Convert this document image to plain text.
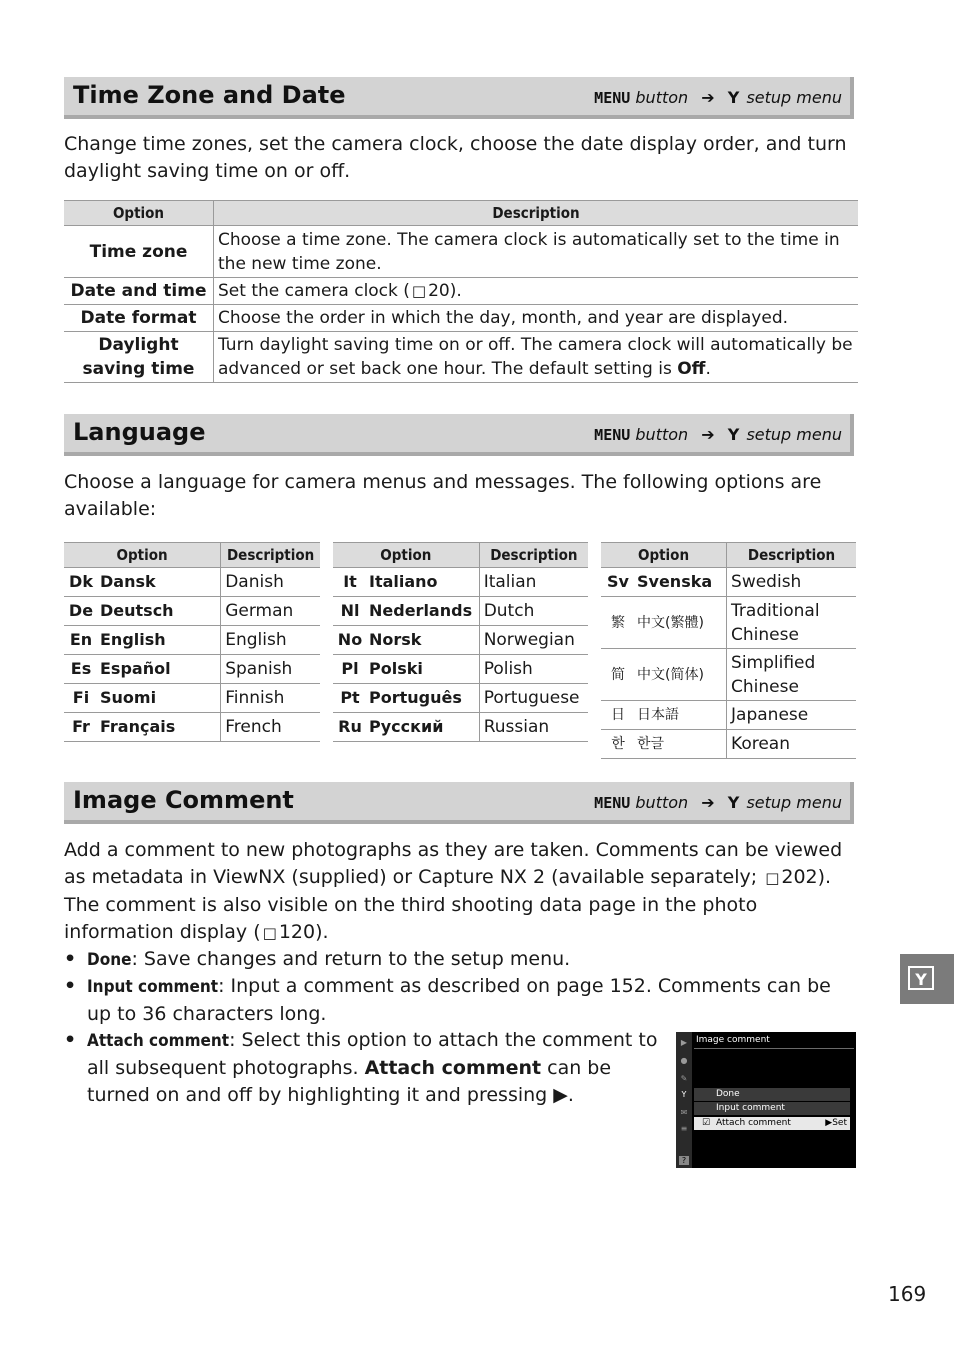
Time Zone and Date	MENU button ➔ Y setup menu
Change time zones, set the camera clock, choose the date display order, and turn daylight saving time on or off.
Option	Description
Time zone	Choose a time zone. The camera clock is automatically set to the time in the new time zone.
Date and time	Set the camera clock ( □ 20).
Date format	Choose the order in which the day, month, and year are displayed.
Daylight saving time	Turn daylight saving time on or off. The camera clock will automatically be advanced or set back one hour. The default setting is Off.
Language	MENU button ➔ Y setup menu
Choose a language for camera menus and messages. The following options are available:
Option		Description
Dk	Dansk	Danish
De	Deutsch	German
En	English	English
Es	Español	Spanish
Fi	Suomi	Finnish
Fr	Français	French
Option		Description
It	Italiano	Italian
Nl	Nederlands	Dutch
No	Norsk	Norwegian
Pl	Polski	Polish
Pt	Português	Portuguese
Ru	Русский	Russian
Option		Description
Sv	Svenska	Swedish
繁	中文(繁體)	Traditional Chinese
简	中文(简体)	Simplified Chinese
日	日本語	Japanese
한	한글	Korean
Image Comment	MENU button ➔ Y setup menu
Add a comment to new photographs as they are taken. Comments can be viewed as metadata in ViewNX (supplied) or Capture NX 2 (available separately; □ 202). The comment is also visible on the third shooting data page in the photo information display ( □ 120).
• Done: Save changes and return to the setup menu.
• Input comment: Input a comment as described on page 152. Comments can be up to 36 characters long.
• Attach comment: Select this option to attach the comment to all subsequent photographs. Attach comment can be turned on and off by highlighting it and pressing ▶.
▶
●
✎
Y
✉
≡
?
Image comment
Done
Input comment
☑ Attach comment	▶Set
Y
169
